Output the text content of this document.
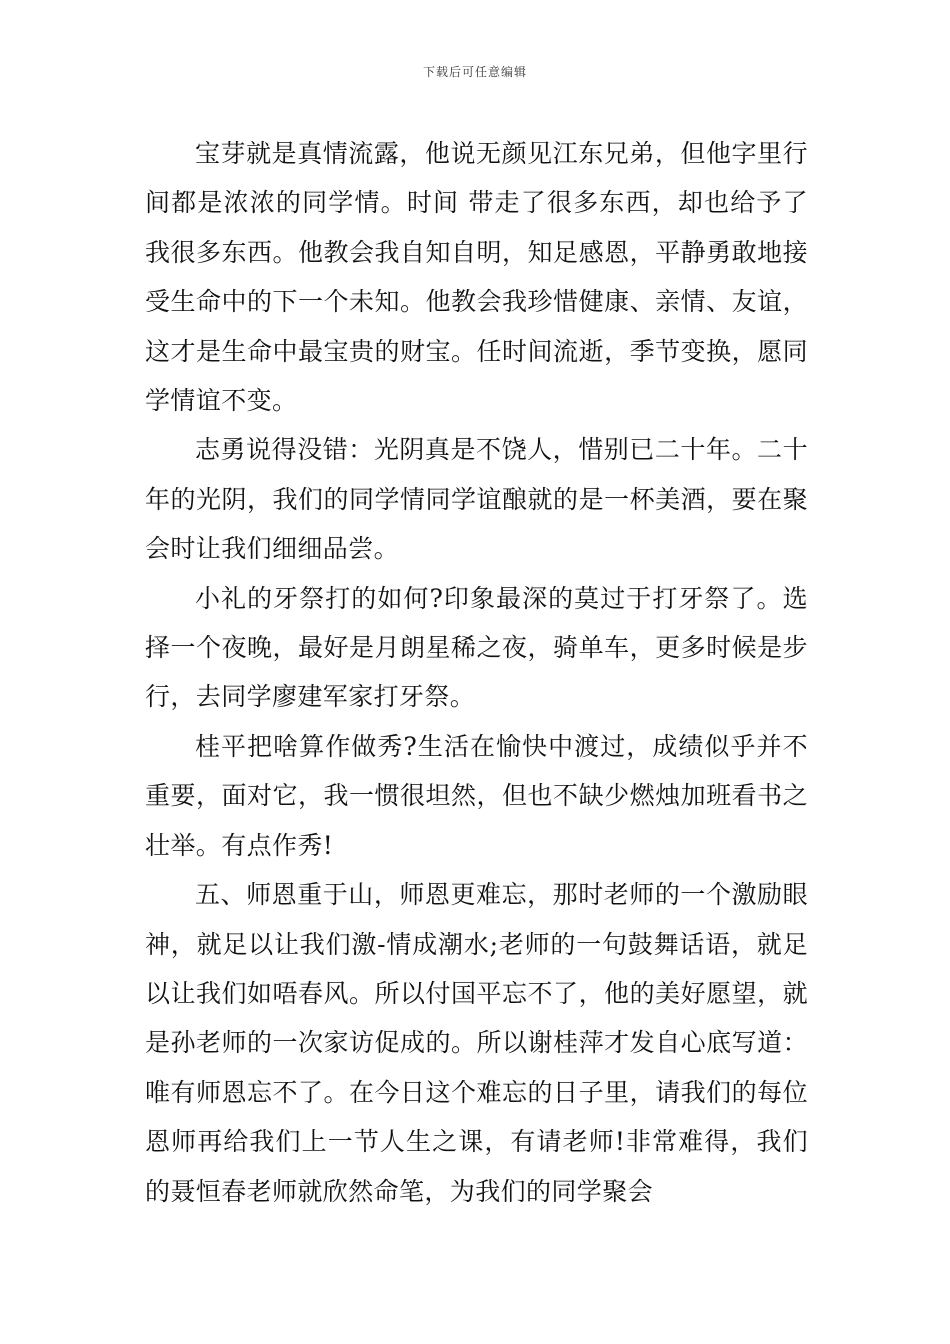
下载后可任意编辑

宝芽就是真情流露，他说无颜见江东兄弟，但他字里行间都是浓浓的同学情。时间 带走了很多东西，却也给予了我很多东西。他教会我自知自明，知足感恩，平静勇敢地接受生命中的下一个未知。他教会我珍惜健康、亲情、友谊，这才是生命中最宝贵的财宝。任时间流逝，季节变换，愿同学情谊不变。

志勇说得没错：光阴真是不饶人，惜别已二十年。二十年的光阴，我们的同学情同学谊酿就的是一杯美酒，要在聚会时让我们细细品尝。

小礼的牙祭打的如何?印象最深的莫过于打牙祭了。选择一个夜晚，最好是月朗星稀之夜，骑单车，更多时候是步行，去同学廖建军家打牙祭。

桂平把啥算作做秀?生活在愉快中渡过，成绩似乎并不重要，面对它，我一惯很坦然，但也不缺少燃烛加班看书之壮举。有点作秀!

五、师恩重于山，师恩更难忘，那时老师的一个激励眼神，就足以让我们激-情成潮水;老师的一句鼓舞话语，就足以让我们如唔春风。所以付国平忘不了，他的美好愿望，就是孙老师的一次家访促成的。所以谢桂萍才发自心底写道：唯有师恩忘不了。在今日这个难忘的日子里，请我们的每位恩师再给我们上一节人生之课，有请老师!非常难得，我们的聂恒春老师就欣然命笔，为我们的同学聚会
